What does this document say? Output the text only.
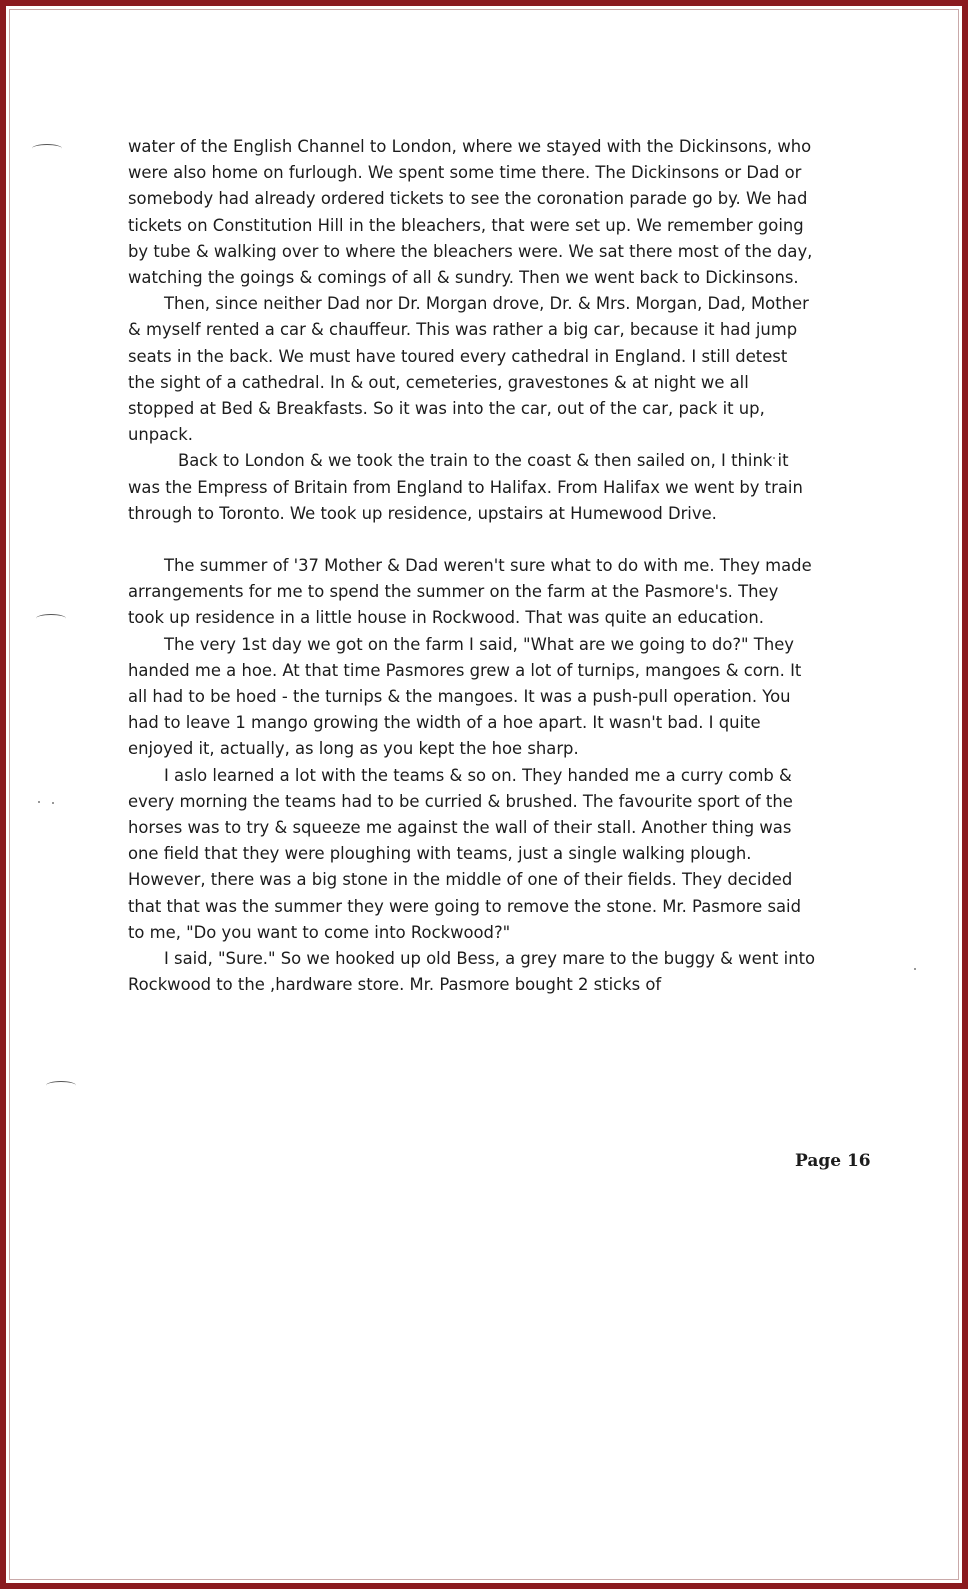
water of the English Channel to London, where we stayed with the Dickinsons, who were also home on furlough. We spent some time there. The Dickinsons or Dad or somebody had already ordered tickets to see the coronation parade go by. We had tickets on Constitution Hill in the bleachers, that were set up. We remember going by tube & walking over to where the bleachers were. We sat there most of the day, watching the goings & comings of all & sundry. Then we went back to Dickinsons.

Then, since neither Dad nor Dr. Morgan drove, Dr. & Mrs. Morgan, Dad, Mother & myself rented a car & chauffeur. This was rather a big car, because it had jump seats in the back. We must have toured every cathedral in England. I still detest the sight of a cathedral. In & out, cemeteries, gravestones & at night we all stopped at Bed & Breakfasts. So it was into the car, out of the car, pack it up, unpack.

Back to London & we took the train to the coast & then sailed on, I think it was the Empress of Britain from England to Halifax. From Halifax we went by train through to Toronto. We took up residence, upstairs at Humewood Drive.

The summer of '37 Mother & Dad weren't sure what to do with me. They made arrangements for me to spend the summer on the farm at the Pasmore's. They took up residence in a little house in Rockwood. That was quite an education.

The very 1st day we got on the farm I said, "What are we going to do?" They handed me a hoe. At that time Pasmores grew a lot of turnips, mangoes & corn. It all had to be hoed - the turnips & the mangoes. It was a push-pull operation. You had to leave 1 mango growing the width of a hoe apart. It wasn't bad. I quite enjoyed it, actually, as long as you kept the hoe sharp.

I aslo learned a lot with the teams & so on. They handed me a curry comb & every morning the teams had to be curried & brushed. The favourite sport of the horses was to try & squeeze me against the wall of their stall. Another thing was one field that they were ploughing with teams, just a single walking plough. However, there was a big stone in the middle of one of their fields. They decided that that was the summer they were going to remove the stone. Mr. Pasmore said to me, "Do you want to come into Rockwood?"

I said, "Sure." So we hooked up old Bess, a grey mare to the buggy & went into Rockwood to the ,hardware store. Mr. Pasmore bought 2 sticks of

Page 16
